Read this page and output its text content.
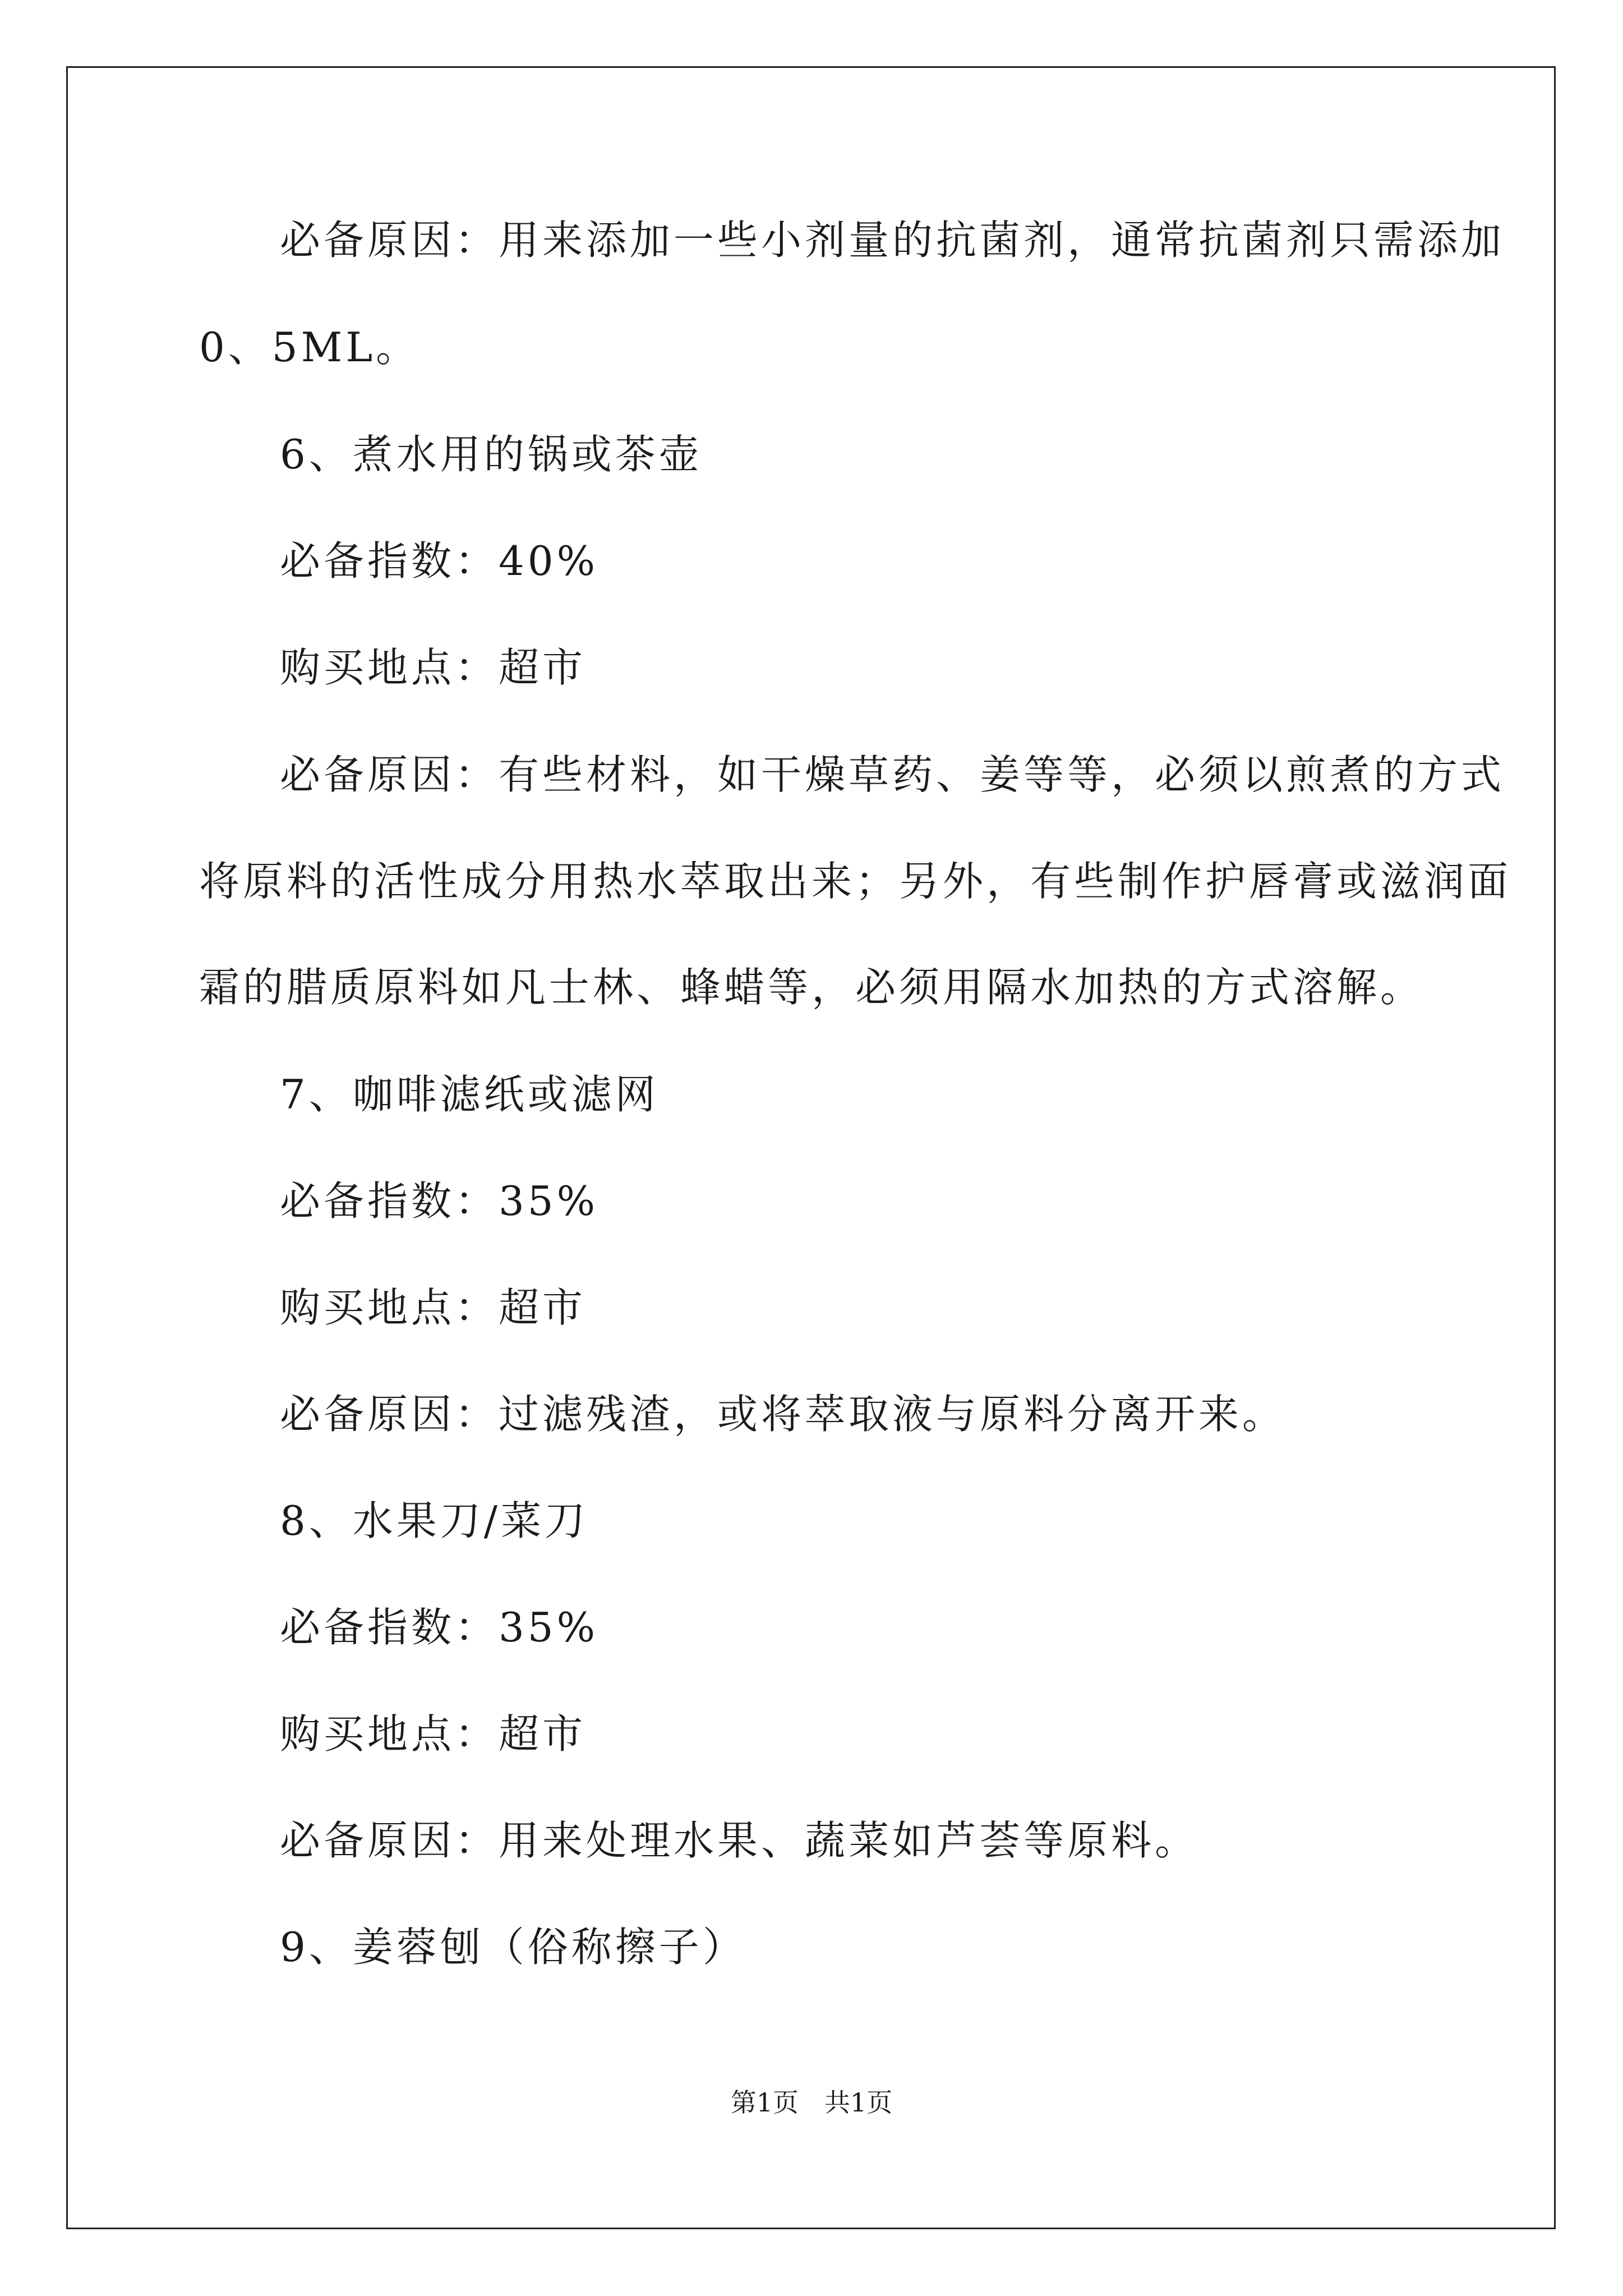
必备原因：用来添加一些小剂量的抗菌剂，通常抗菌剂只需添加

0、5ML。

6、煮水用的锅或茶壶

必备指数：40%

购买地点：超市

必备原因：有些材料，如干燥草药、姜等等，必须以煎煮的方式

将原料的活性成分用热水萃取出来；另外，有些制作护唇膏或滋润面

霜的腊质原料如凡士林、蜂蜡等，必须用隔水加热的方式溶解。

7、咖啡滤纸或滤网

必备指数：35%

购买地点：超市

必备原因：过滤残渣，或将萃取液与原料分离开来。

8、水果刀/菜刀

必备指数：35%

购买地点：超市

必备原因：用来处理水果、蔬菜如芦荟等原料。

9、姜蓉刨（俗称擦子）

第1页　共1页
